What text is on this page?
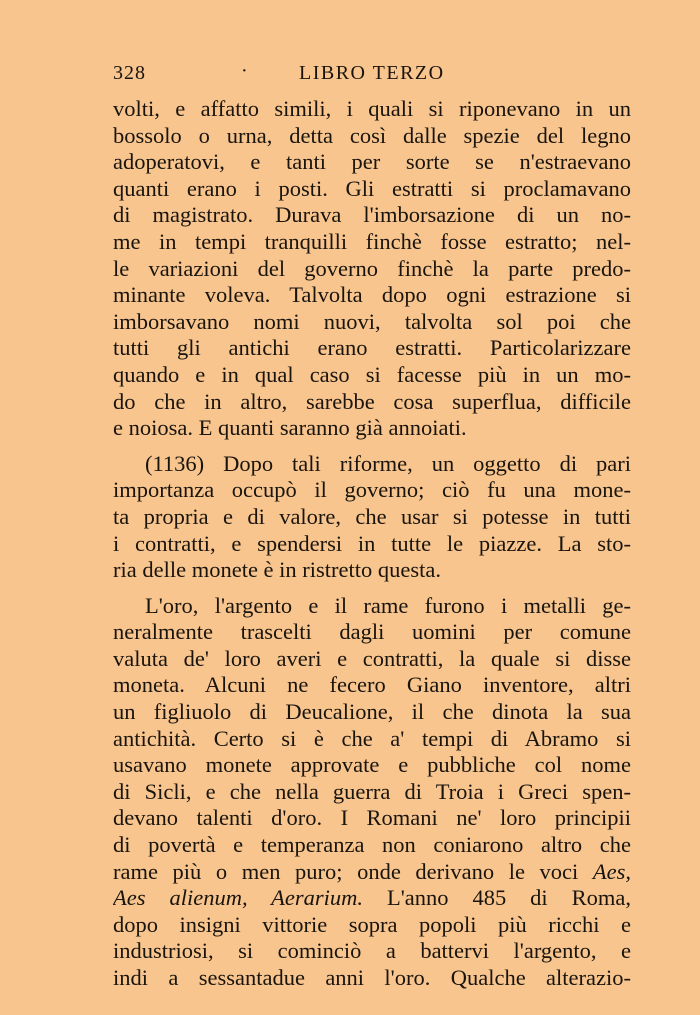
328	·	LIBRO TERZO
volti, e affatto simili, i quali si riponevano in un
bossolo o urna, detta così dalle spezie del legno
adoperatovi, e tanti per sorte se n'estraevano
quanti erano i posti. Gli estratti si proclamavano
di magistrato. Durava l'imborsazione di un no-
me in tempi tranquilli finchè fosse estratto; nel-
le variazioni del governo finchè la parte predo-
minante voleva. Talvolta dopo ogni estrazione si
imborsavano nomi nuovi, talvolta sol poi che
tutti gli antichi erano estratti. Particolarizzare
quando e in qual caso si facesse più in un mo-
do che in altro, sarebbe cosa superflua, difficile
e noiosa. E quanti saranno già annoiati.
(1136) Dopo tali riforme, un oggetto di pari
importanza occupò il governo; ciò fu una mone-
ta propria e di valore, che usar si potesse in tutti
i contratti, e spendersi in tutte le piazze. La sto-
ria delle monete è in ristretto questa.
L'oro, l'argento e il rame furono i metalli ge-
neralmente trascelti dagli uomini per comune
valuta de' loro averi e contratti, la quale si disse
moneta. Alcuni ne fecero Giano inventore, altri
un figliuolo di Deucalione, il che dinota la sua
antichità. Certo si è che a' tempi di Abramo si
usavano monete approvate e pubbliche col nome
di Sicli, e che nella guerra di Troia i Greci spen-
devano talenti d'oro. I Romani ne' loro principii
di povertà e temperanza non coniarono altro che
rame più o men puro; onde derivano le voci Aes,
Aes alienum, Aerarium. L'anno 485 di Roma,
dopo insigni vittorie sopra popoli più ricchi e
industriosi, si cominciò a battervi l'argento, e
indi a sessantadue anni l'oro. Qualche alterazio-
